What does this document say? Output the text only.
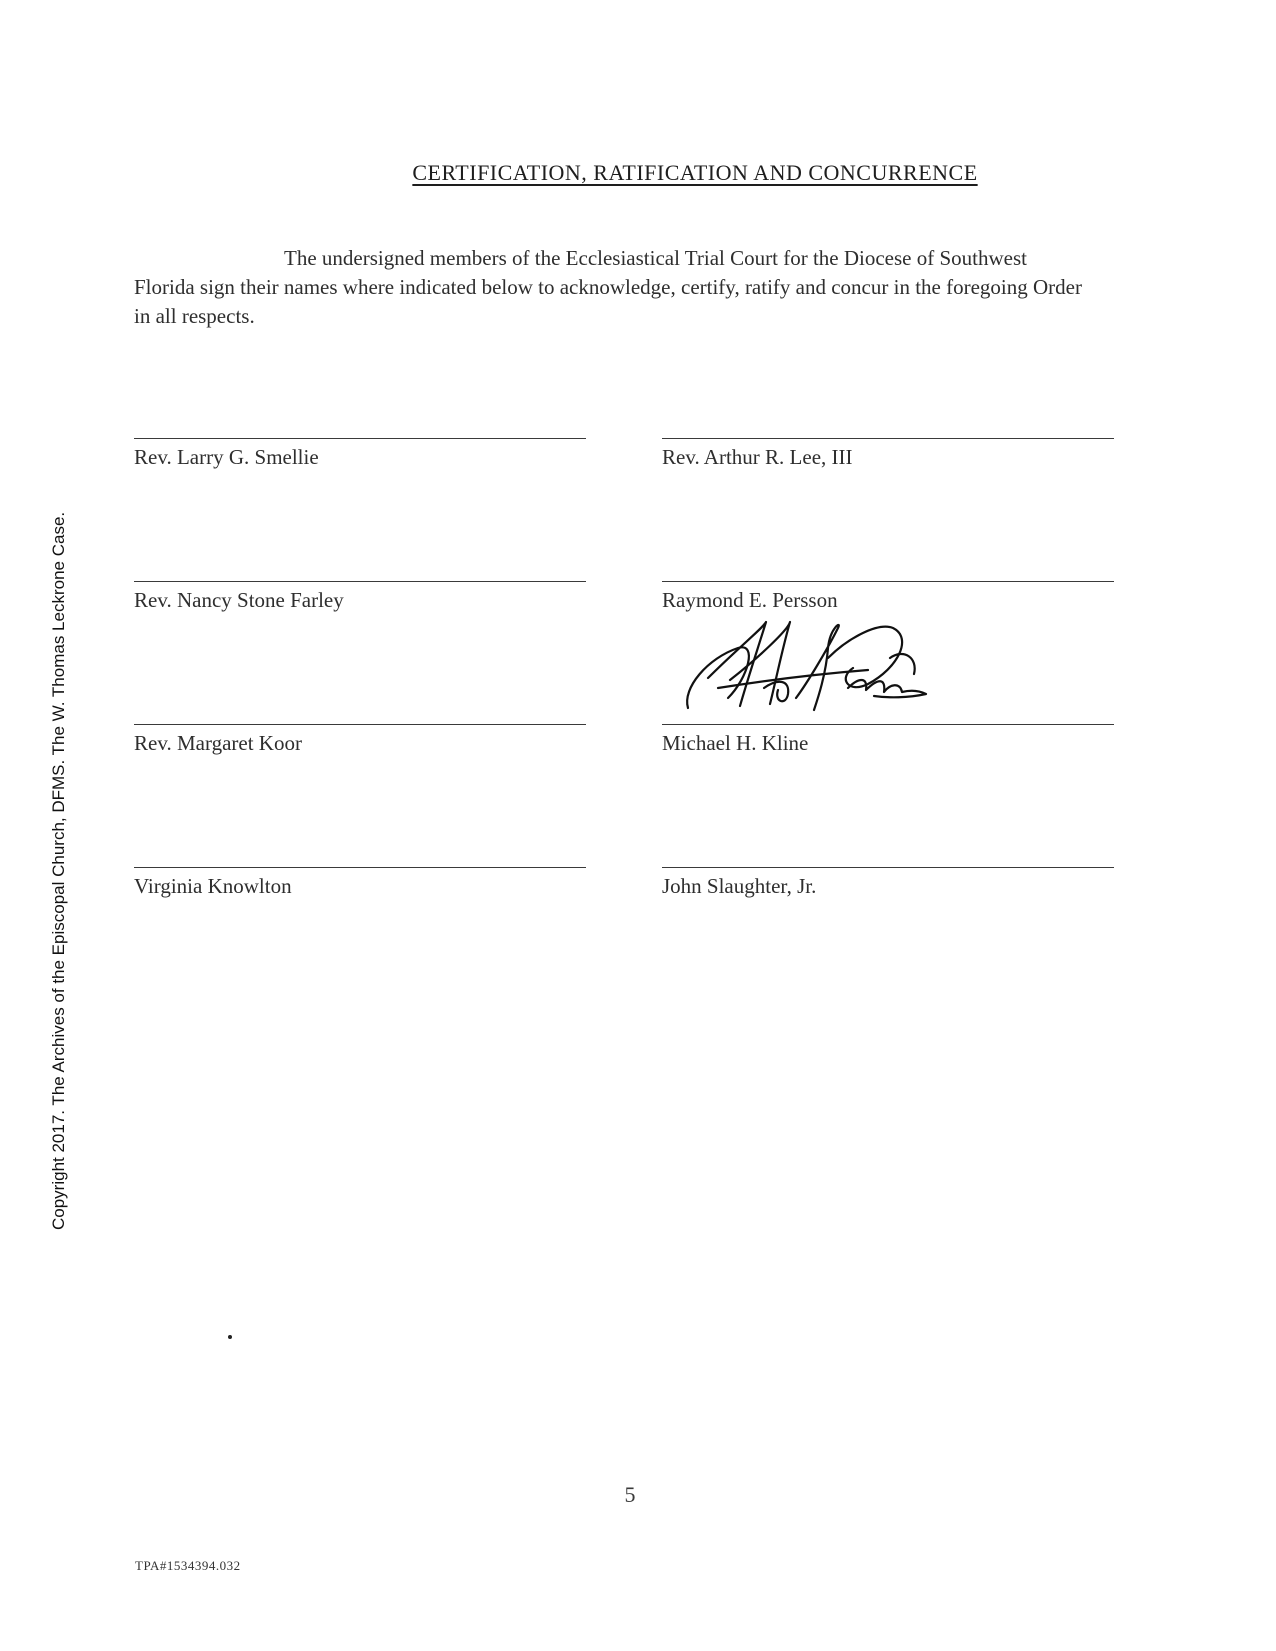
Copyright 2017. The Archives of the Episcopal Church, DFMS. The W. Thomas Leckrone Case.
CERTIFICATION, RATIFICATION AND CONCURRENCE

The undersigned members of the Ecclesiastical Trial Court for the Diocese of Southwest Florida sign their names where indicated below to acknowledge, certify, ratify and concur in the foregoing Order in all respects.

Rev. Larry G. Smellie
Rev. Nancy Stone Farley
Rev. Margaret Koor
Virginia Knowlton
Rev. Arthur R. Lee, III
Raymond E. Persson
Michael H. Kline
John Slaughter, Jr.
5
TPA#1534394.032
